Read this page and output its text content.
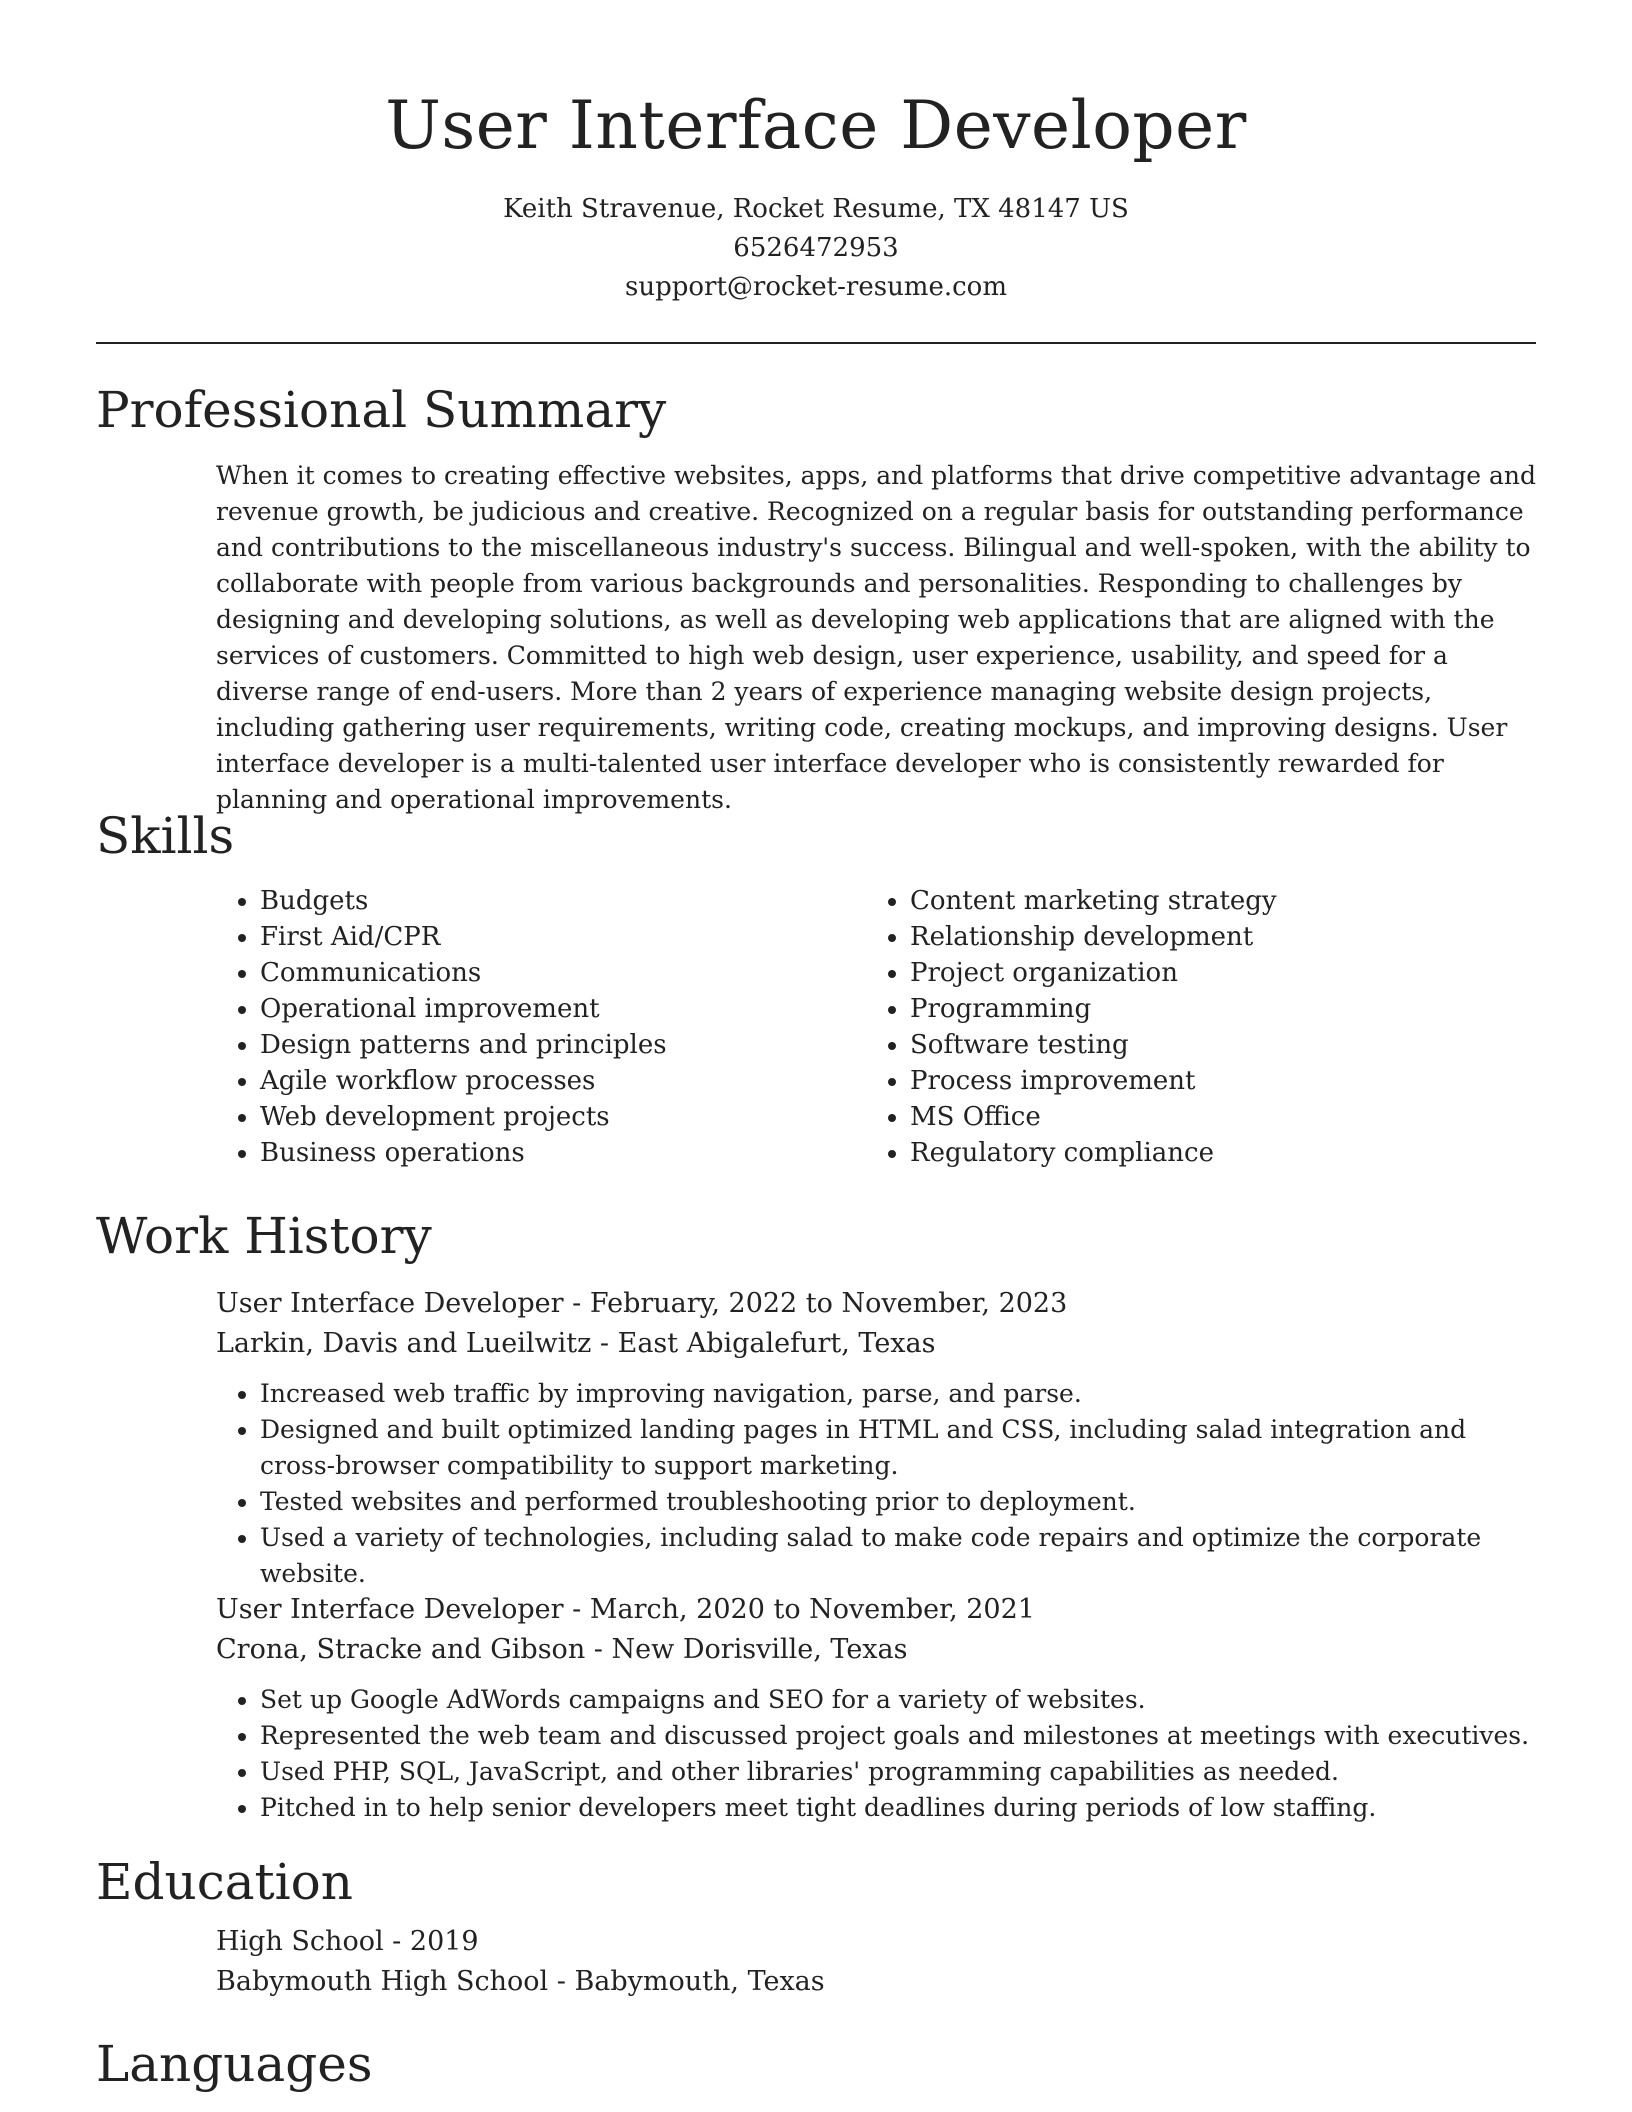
User Interface Developer
Keith Stravenue, Rocket Resume, TX 48147 US
6526472953
support@rocket-resume.com
Professional Summary

When it comes to creating effective websites, apps, and platforms that drive competitive advantage and revenue growth, be judicious and creative. Recognized on a regular basis for outstanding performance and contributions to the miscellaneous industry's success. Bilingual and well-spoken, with the ability to collaborate with people from various backgrounds and personalities. Responding to challenges by designing and developing solutions, as well as developing web applications that are aligned with the services of customers. Committed to high web design, user experience, usability, and speed for a diverse range of end-users. More than 2 years of experience managing website design projects, including gathering user requirements, writing code, creating mockups, and improving designs. User interface developer is a multi-talented user interface developer who is consistently rewarded for planning and operational improvements.

Skills
• Budgets
• First Aid/CPR
• Communications
• Operational improvement
• Design patterns and principles
• Agile workflow processes
• Web development projects
• Business operations
• Content marketing strategy
• Relationship development
• Project organization
• Programming
• Software testing
• Process improvement
• MS Office
• Regulatory compliance
Work History
User Interface Developer - February, 2022 to November, 2023
Larkin, Davis and Lueilwitz - East Abigalefurt, Texas
• Increased web traffic by improving navigation, parse, and parse.
• Designed and built optimized landing pages in HTML and CSS, including salad integration and cross-browser compatibility to support marketing.
• Tested websites and performed troubleshooting prior to deployment.
• Used a variety of technologies, including salad to make code repairs and optimize the corporate website.
User Interface Developer - March, 2020 to November, 2021
Crona, Stracke and Gibson - New Dorisville, Texas
• Set up Google AdWords campaigns and SEO for a variety of websites.
• Represented the web team and discussed project goals and milestones at meetings with executives.
• Used PHP, SQL, JavaScript, and other libraries' programming capabilities as needed.
• Pitched in to help senior developers meet tight deadlines during periods of low staffing.
Education
High School - 2019
Babymouth High School - Babymouth, Texas
Languages
